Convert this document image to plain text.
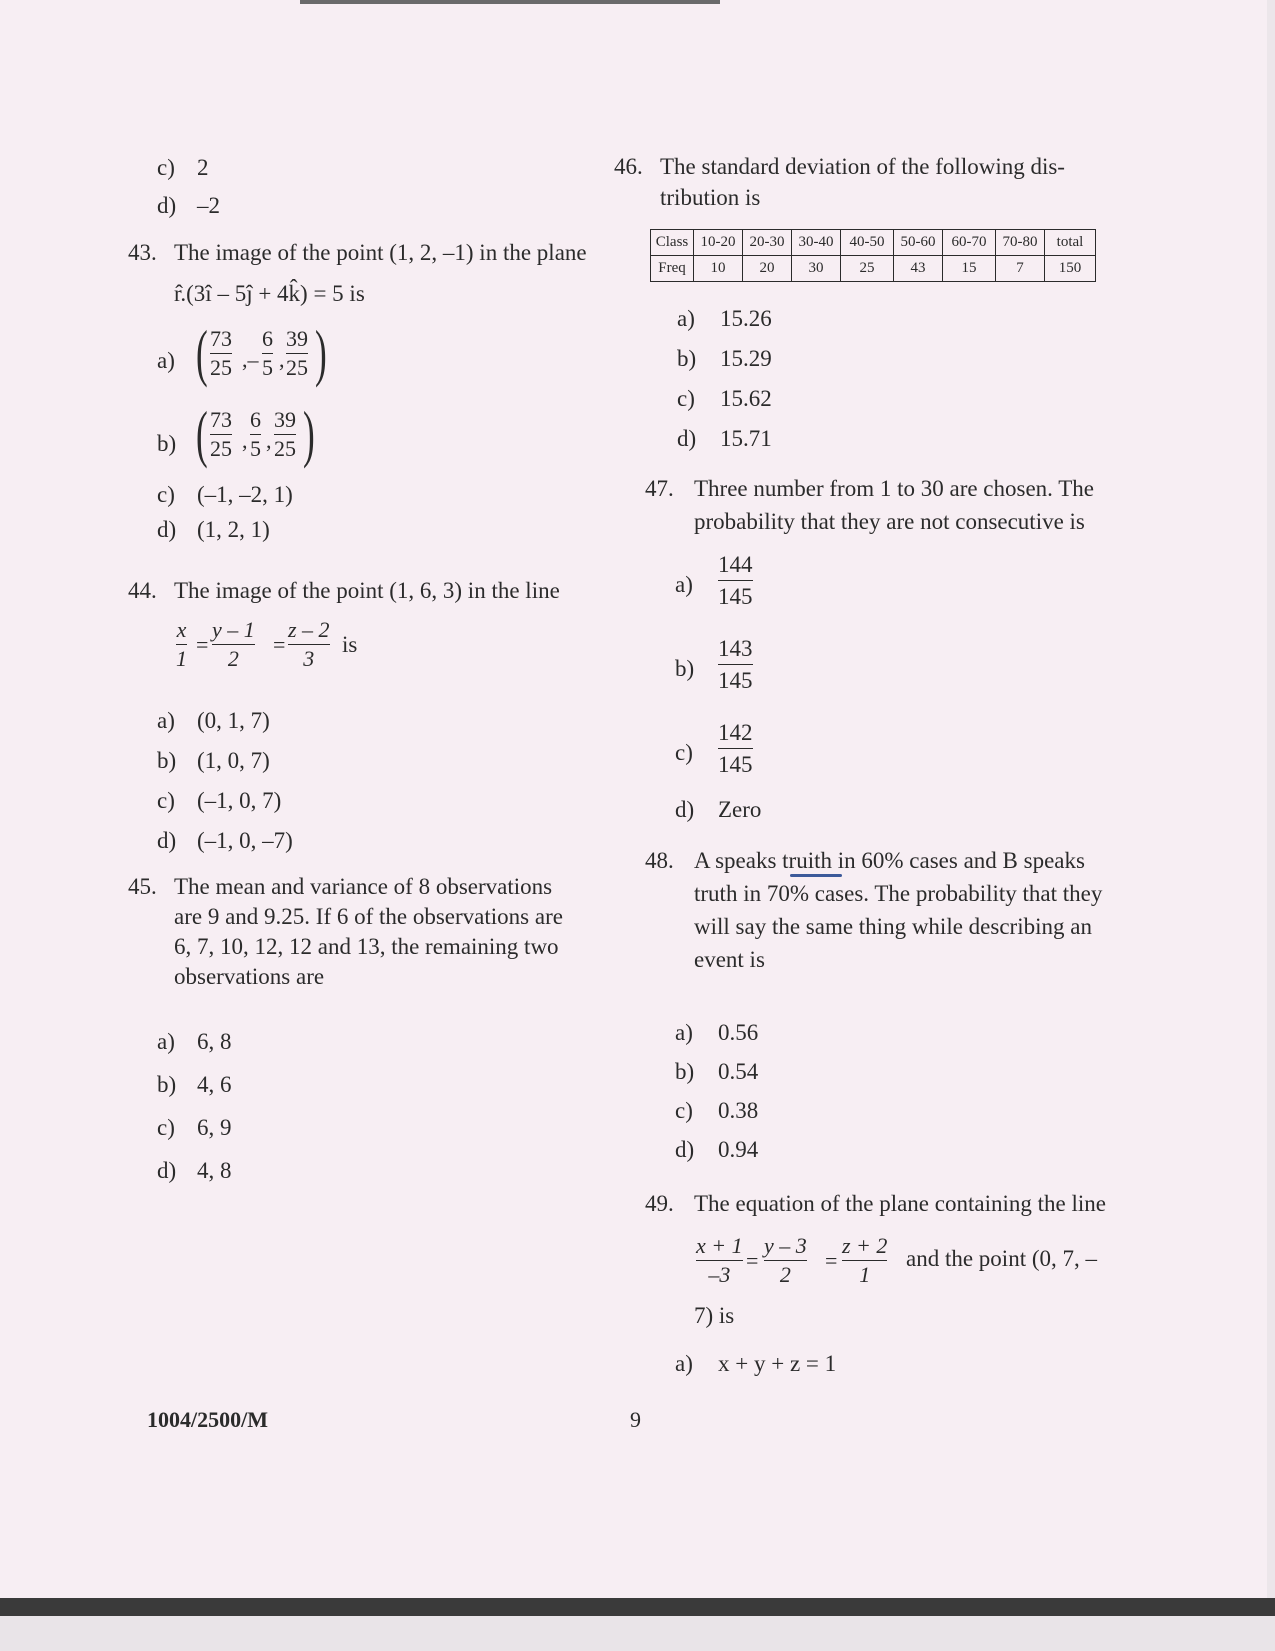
c) 2
d) –2
43. The image of the point (1, 2, –1) in the plane
r̂.(3î – 5ĵ + 4k̂) = 5 is
a) ( 73
25 ,–
6
5 ,
39
25 )
b) ( 73
25 ,
6
5 ,
39
25 )
c) (–1, –2, 1)
d) (1, 2, 1)
44. The image of the point (1, 6, 3) in the line
x
1
=
y – 1
2
=
z – 2
3
is
a) (0, 1, 7)
b) (1, 0, 7)
c) (–1, 0, 7)
d) (–1, 0, –7)
45. The mean and variance of 8 observations
are 9 and 9.25. If 6 of the observations are
6, 7, 10, 12, 12 and 13, the remaining two
observations are
a) 6, 8
b) 4, 6
c) 6, 9
d) 4, 8
46. The standard deviation of the following dis-
tribution is
Class	10-20	20-30	30-40	40-50	50-60	60-70	70-80	total
Freq	10	20	30	25	43	15	7	150
a) 15.26
b) 15.29
c) 15.62
d) 15.71
47. Three number from 1 to 30 are chosen. The
probability that they are not consecutive is
a)
144
145
b)
143
145
c)
142
145
d) Zero
48. A speaks truith in 60% cases and B speaks
truth in 70% cases. The probability that they
will say the same thing while describing an
event is
a) 0.56
b) 0.54
c) 0.38
d) 0.94
49. The equation of the plane containing the line
x + 1
–3
=
y – 3
2
=
z + 2
1
and the point (0, 7, –
7) is
a) x + y + z = 1
1004/2500/M	9
